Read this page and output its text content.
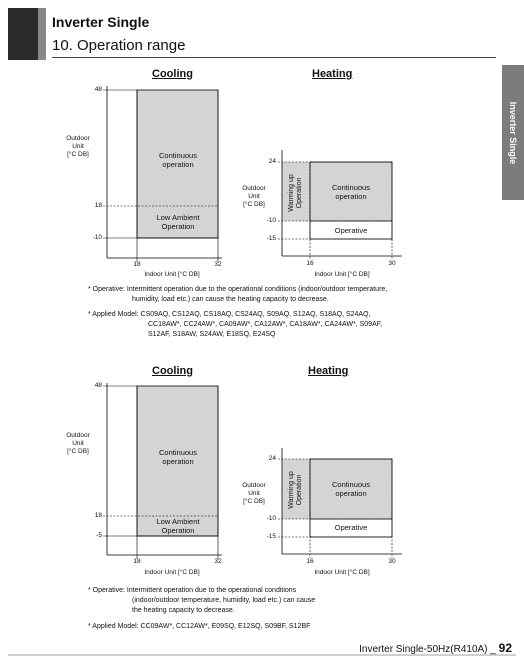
Inverter Single
10. Operation range
Inverter Single
Cooling
Outdoor
Unit
[°C DB]
48
18
-10
18	32
Indoor Unit [°C DB]
Continuous operation
Low Ambient Operation
Heating
Outdoor
Unit
[°C DB]
24
-10
-15
16	30
Indoor Unit [°C DB]
Warming up Operation	Continuous operation
Operative
* Operative: Intermittent operation due to the operational conditions (indoor/outdoor temperature,
humidity, load etc.) can cause the heating capacity to decrease.
* Applied Model: CS09AQ, CS12AQ, CS18AQ, CS24AQ, S09AQ, S12AQ, S18AQ, S24AQ,
CC18AW*, CC24AW*, CA09AW*, CA12AW*, CA18AW*, CA24AW*, S09AF,
S12AF, S18AW, S24AW, E18SQ, E24SQ
Cooling
Outdoor
Unit
[°C DB]
48
18
-5
18	32
Indoor Unit [°C DB]
Continuous operation
Low Ambient Operation
Heating
Outdoor
Unit
[°C DB]
24
-10
-15
16	30
Indoor Unit [°C DB]
Warming up Operation	Continuous operation
Operative
* Operative: Intermittent operation due to the operational conditions
(indoor/outdoor temperature, humidity, load etc.) can cause
the heating capacity to decrease.
* Applied Model: CC09AW*, CC12AW*, E09SQ, E12SQ, S09BF, S12BF
Inverter Single-50Hz(R410A) _ 92
